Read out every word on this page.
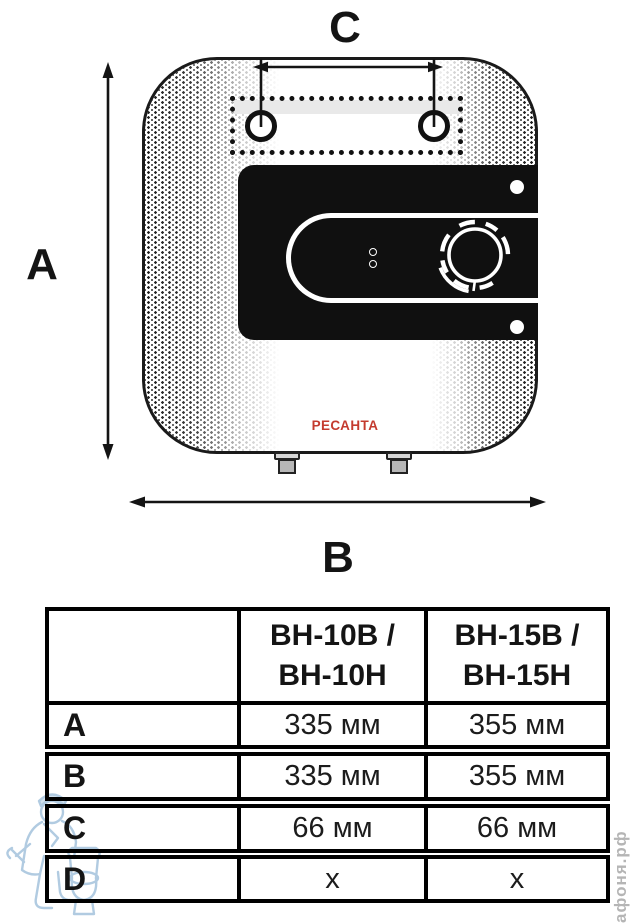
РЕСАНТА
A
B
C
афоня.рф
ВН-10В /
ВН-10Н
ВН-15В /
ВН-15Н
A	335 мм	355 мм
B	335 мм	355 мм
C	66 мм	66 мм
D	х	х
